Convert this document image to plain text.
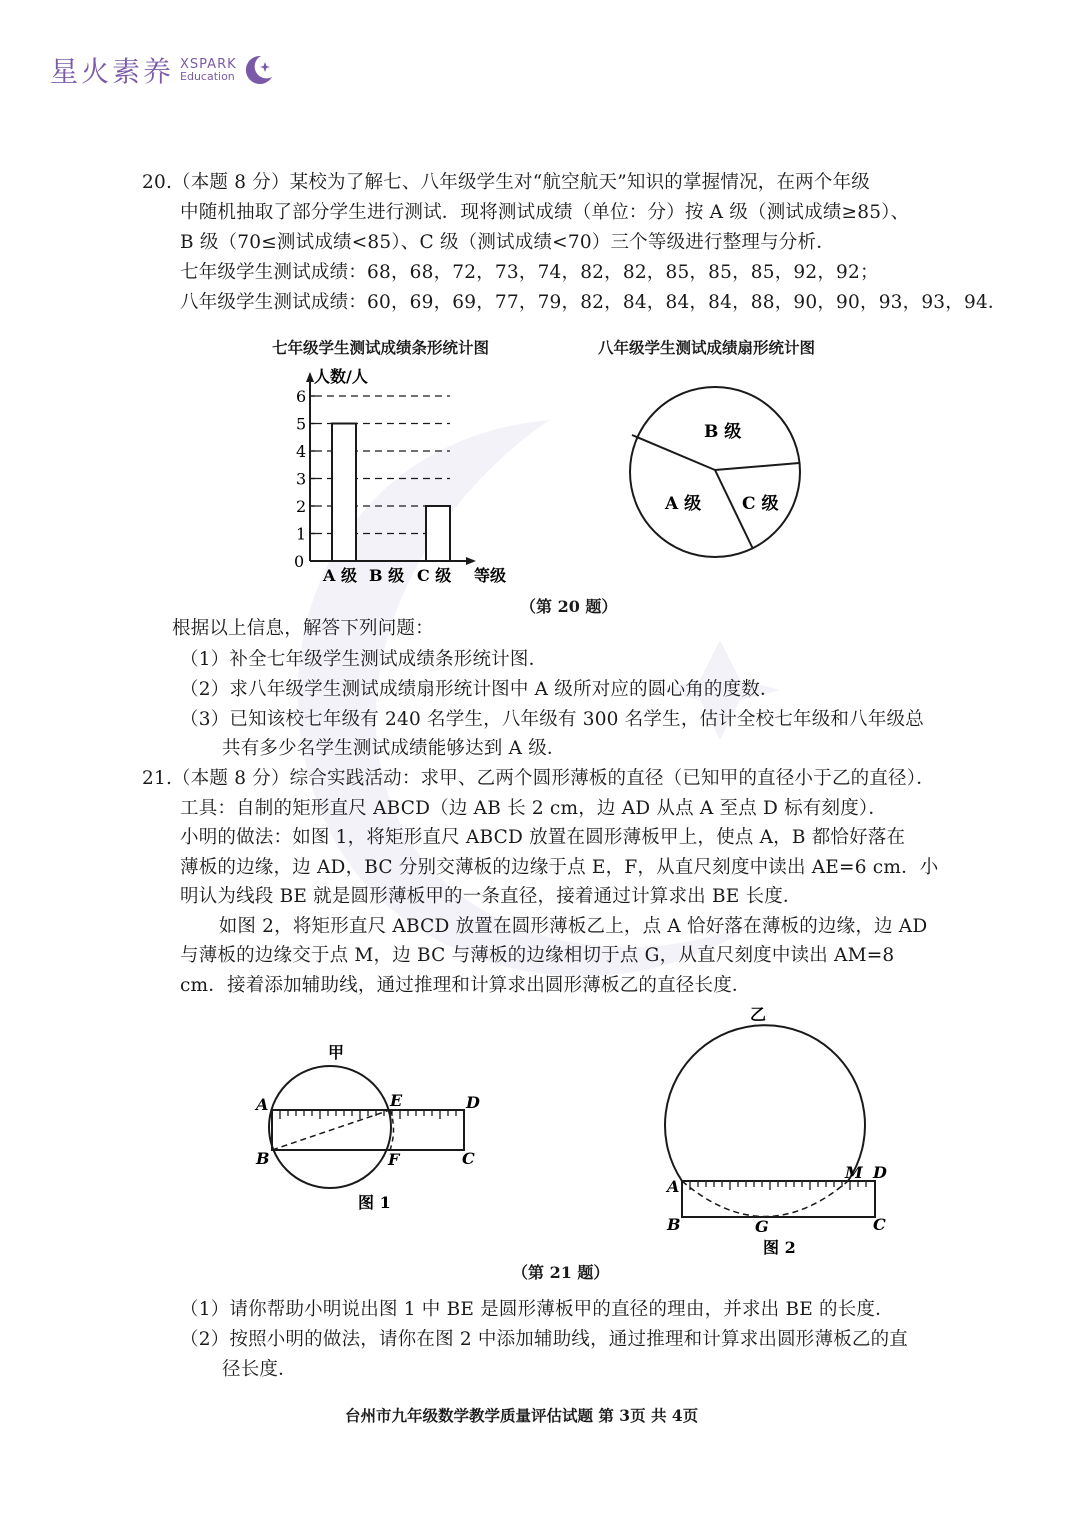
星火素养 XSPARK
Education
20.（本题 8 分）某校为了解七、八年级学生对“航空航天”知识的掌握情况，在两个年级
中随机抽取了部分学生进行测试．现将测试成绩（单位：分）按 A 级（测试成绩≥85）、
B 级（70≤测试成绩<85）、C 级（测试成绩<70）三个等级进行整理与分析．
七年级学生测试成绩：68，68，72，73，74，82，82，85，85，85，92，92；
八年级学生测试成绩：60，69，69，77，79，82，84，84，84，88，90，90，93，93，94．
七年级学生测试成绩条形统计图	八年级学生测试成绩扇形统计图
人数/人
0
1
2
3
4
5
6
A 级 B 级 C 级 等级
B 级
C 级
A 级
（第 20 题）
根据以上信息，解答下列问题：
（1）补全七年级学生测试成绩条形统计图．
（2）求八年级学生测试成绩扇形统计图中 A 级所对应的圆心角的度数．
（3）已知该校七年级有 240 名学生，八年级有 300 名学生，估计全校七年级和八年级总
共有多少名学生测试成绩能够达到 A 级．
21.（本题 8 分）综合实践活动：求甲、乙两个圆形薄板的直径（已知甲的直径小于乙的直径）．
工具：自制的矩形直尺 ABCD（边 AB 长 2 cm，边 AD 从点 A 至点 D 标有刻度）．
小明的做法：如图 1，将矩形直尺 ABCD 放置在圆形薄板甲上，使点 A，B 都恰好落在
薄板的边缘，边 AD，BC 分别交薄板的边缘于点 E，F，从直尺刻度中读出 AE=6 cm．小
明认为线段 BE 就是圆形薄板甲的一条直径，接着通过计算求出 BE 长度．
　如图 2，将矩形直尺 ABCD 放置在圆形薄板乙上，点 A 恰好落在薄板的边缘，边 AD
与薄板的边缘交于点 M，边 BC 与薄板的边缘相切于点 G，从直尺刻度中读出 AM=8
cm．接着添加辅助线，通过推理和计算求出圆形薄板乙的直径长度．
甲
A	E	D
B	F	C
图 1
乙
A
M D
B	G	C
图 2
（第 21 题）
（1）请你帮助小明说出图 1 中 BE 是圆形薄板甲的直径的理由，并求出 BE 的长度．
（2）按照小明的做法，请你在图 2 中添加辅助线，通过推理和计算求出圆形薄板乙的直
径长度．
台州市九年级数学教学质量评估试题 第 3页 共 4页
